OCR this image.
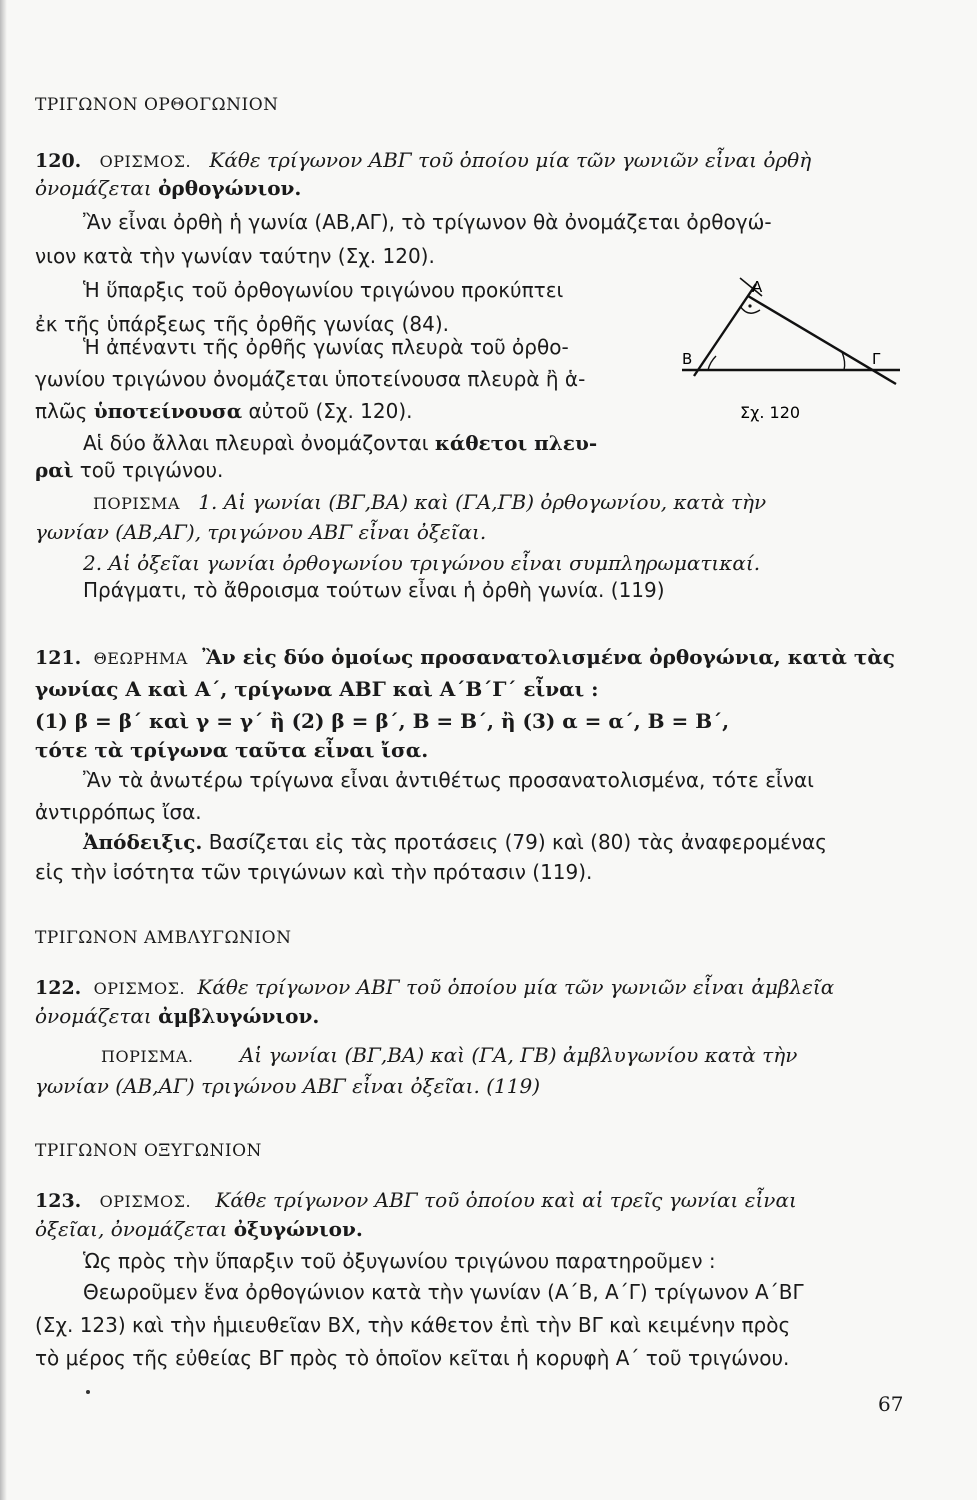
ΤΡΙΓΩΝΟΝ ΟΡΘΟΓΩΝΙΟΝ
120. ΟΡΙΣΜΟΣ. Κάθε τρίγωνον ΑΒΓ τοῦ ὁποίου μία τῶν γωνιῶν εἶναι ὀρθὴ
ὀνομάζεται ὀρθογώνιον.
Ἂν εἶναι ὀρθὴ ἡ γωνία (ΑΒ,ΑΓ), τὸ τρίγωνον θὰ ὀνομάζεται ὀρθογώ-
νιον κατὰ τὴν γωνίαν ταύτην (Σχ. 120).
Ἡ ὕπαρξις τοῦ ὀρθογωνίου τριγώνου προκύπτει
ἐκ τῆς ὑπάρξεως τῆς ὀρθῆς γωνίας (84).
Ἡ ἀπέναντι τῆς ὀρθῆς γωνίας πλευρὰ τοῦ ὀρθο-
γωνίου τριγώνου ὀνομάζεται ὑποτείνουσα πλευρὰ ἢ ἁ-
πλῶς ὑποτείνουσα αὐτοῦ (Σχ. 120).
Αἱ δύο ἄλλαι πλευραὶ ὀνομάζονται κάθετοι πλευ-
ραὶ τοῦ τριγώνου.
ΠΟΡΙΣΜΑ 1. Αἱ γωνίαι (ΒΓ,ΒΑ) καὶ (ΓΑ,ΓΒ) ὀρθογωνίου, κατὰ τὴν
γωνίαν (ΑΒ,ΑΓ), τριγώνου ΑΒΓ εἶναι ὀξεῖαι.
2. Αἱ ὀξεῖαι γωνίαι ὀρθογωνίου τριγώνου εἶναι συμπληρωματικαί.
Πράγματι, τὸ ἄθροισμα τούτων εἶναι ἡ ὀρθὴ γωνία. (119)
Α
Β	Γ
Σχ. 120
121. ΘΕΩΡΗΜΑ Ἂν εἰς δύο ὁμοίως προσανατολισμένα ὀρθογώνια, κατὰ τὰς
γωνίας Α καὶ Α΄, τρίγωνα ΑΒΓ καὶ Α΄Β΄Γ΄ εἶναι :
(1) β = β΄ καὶ γ = γ΄ ἢ (2) β = β΄, Β = Β΄, ἢ (3) α = α΄, Β = Β΄,
τότε τὰ τρίγωνα ταῦτα εἶναι ἴσα.
Ἂν τὰ ἀνωτέρω τρίγωνα εἶναι ἀντιθέτως προσανατολισμένα, τότε εἶναι
ἀντιρρόπως ἴσα.
Ἀπόδειξις. Βασίζεται εἰς τὰς προτάσεις (79) καὶ (80) τὰς ἀναφερομένας
εἰς τὴν ἰσότητα τῶν τριγώνων καὶ τὴν πρότασιν (119).
ΤΡΙΓΩΝΟΝ ΑΜΒΛΥΓΩΝΙΟΝ
122. ΟΡΙΣΜΟΣ. Κάθε τρίγωνον ΑΒΓ τοῦ ὁποίου μία τῶν γωνιῶν εἶναι ἀμβλεῖα
ὀνομάζεται ἀμβλυγώνιον.
ΠΟΡΙΣΜΑ. Αἱ γωνίαι (ΒΓ,ΒΑ) καὶ (ΓΑ, ΓΒ) ἀμβλυγωνίου κατὰ τὴν
γωνίαν (ΑΒ,ΑΓ) τριγώνου ΑΒΓ εἶναι ὀξεῖαι. (119)
ΤΡΙΓΩΝΟΝ ΟΞΥΓΩΝΙΟΝ
123. ΟΡΙΣΜΟΣ. Κάθε τρίγωνον ΑΒΓ τοῦ ὁποίου καὶ αἱ τρεῖς γωνίαι εἶναι
ὀξεῖαι, ὀνομάζεται ὀξυγώνιον.
Ὡς πρὸς τὴν ὕπαρξιν τοῦ ὀξυγωνίου τριγώνου παρατηροῦμεν :
Θεωροῦμεν ἕνα ὀρθογώνιον κατὰ τὴν γωνίαν (Α΄Β, Α΄Γ) τρίγωνον Α΄ΒΓ
(Σχ. 123) καὶ τὴν ἡμιευθεῖαν ΒΧ, τὴν κάθετον ἐπὶ τὴν ΒΓ καὶ κειμένην πρὸς
τὸ μέρος τῆς εὐθείας ΒΓ πρὸς τὸ ὁποῖον κεῖται ἡ κορυφὴ Α΄ τοῦ τριγώνου.
67
